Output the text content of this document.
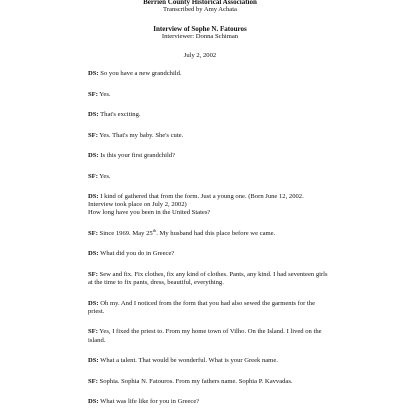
Berrien County Historical Association
Transcribed by Amy Achata
Interview of Sophe N. Fatouros
Interviewer: Donna Schiman
July 2, 2002

DS: So you have a new grandchild.

SF: Yes.

DS: That's exciting.

SF: Yes. That's my baby. She's cute.

DS: Is this your first grandchild?

SF: Yes.

DS: I kind of gathered that from the form. Just a young one. (Born June 12, 2002. Interview took place on July 2, 2002)
How long have you been in the United States?

SF: Since 1969. May 25th. My husband had this place before we came.

DS: What did you do in Greece?

SF: Sew and fix. Fix clothes, fix any kind of clothes. Pants, any kind. I had seventeen girls at the time to fix pants, dress, beautiful, everything.

DS: Oh my. And I noticed from the form that you had also sewed the garments for the priest.

SF: Yes, I fixed the priest to. From my home town of Vilho. On the Island. I lived on the island.

DS: What a talent. That would be wonderful. What is your Greek name.

SF: Sophia. Sophia N. Fatouros. From my fathers name. Sophia P. Kavvadas.

DS: What was life like for you in Greece?
